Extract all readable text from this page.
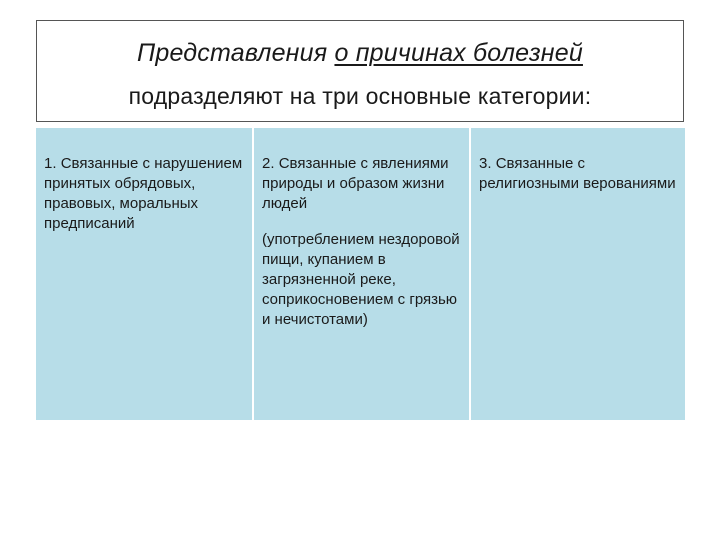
Представления о причинах болезней
подразделяют на три основные категории:

1. Связанные с нарушением принятых обрядовых, правовых, моральных предписаний

2. Связанные с явлениями природы и образом жизни людей

(употреблением нездоровой пищи, купанием в загрязненной реке, соприкосновением с грязью и нечистотами)

3. Связанные с религиозными верованиями
